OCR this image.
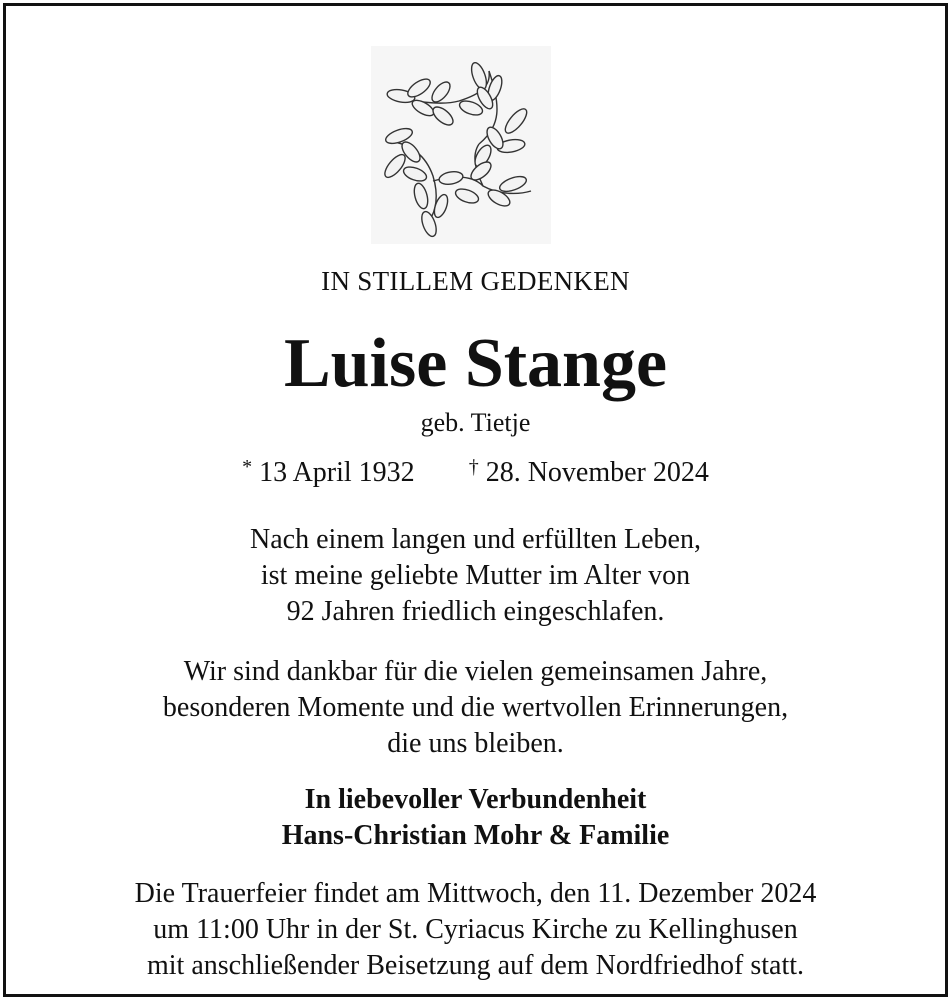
IN STILLEM GEDENKEN
Luise Stange
geb. Tietje
* 13 April 1932	† 28. November 2024
Nach einem langen und erfüllten Leben,
ist meine geliebte Mutter im Alter von
92 Jahren friedlich eingeschlafen.
Wir sind dankbar für die vielen gemeinsamen Jahre,
besonderen Momente und die wertvollen Erinnerungen,
die uns bleiben.
In liebevoller Verbundenheit
Hans-Christian Mohr & Familie
Die Trauerfeier findet am Mittwoch, den 11. Dezember 2024
um 11:00 Uhr in der St. Cyriacus Kirche zu Kellinghusen
mit anschließender Beisetzung auf dem Nordfriedhof statt.
